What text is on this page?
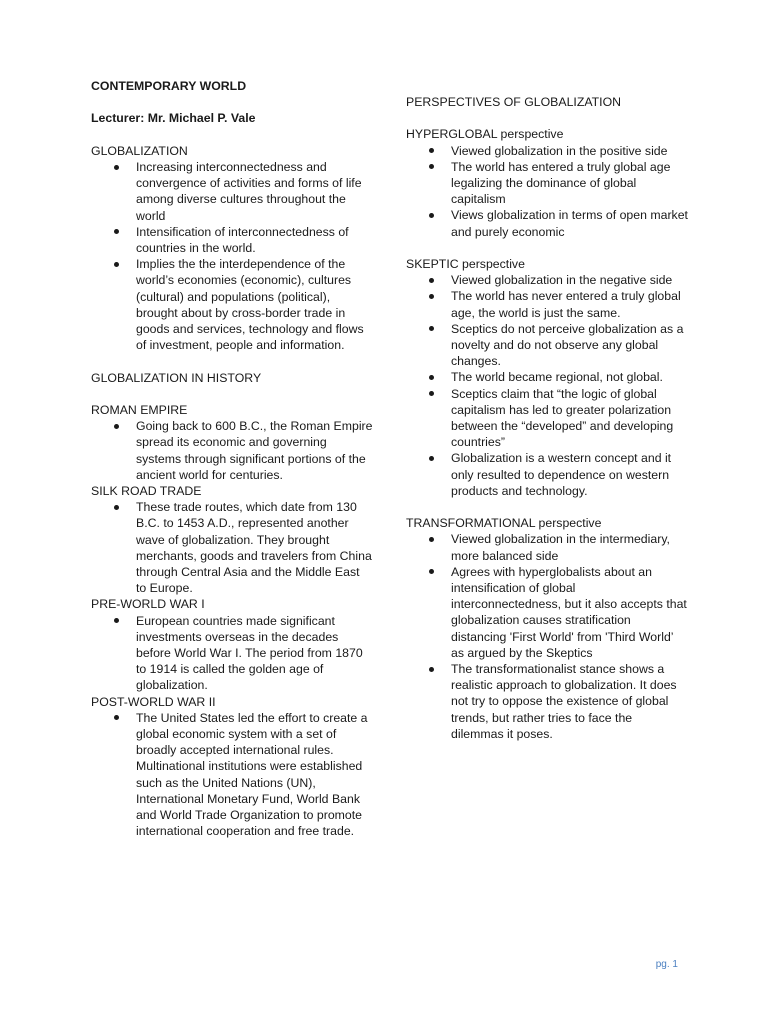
CONTEMPORARY WORLD

Lecturer: Mr. Michael P. Vale

GLOBALIZATION

Increasing interconnectedness and convergence of activities and forms of life among diverse cultures throughout the world
Intensification of interconnectedness of countries in the world.
Implies the the interdependence of the world’s economies (economic), cultures (cultural) and populations (political), brought about by cross-border trade in goods and services, technology and flows of investment, people and information.

GLOBALIZATION IN HISTORY

ROMAN EMPIRE

Going back to 600 B.C., the Roman Empire spread its economic and governing systems through significant portions of the ancient world for centuries.

SILK ROAD TRADE

These trade routes, which date from 130 B.C. to 1453 A.D., represented another wave of globalization. They brought merchants, goods and travelers from China through Central Asia and the Middle East to Europe.

PRE-WORLD WAR I

European countries made significant investments overseas in the decades before World War I. The period from 1870 to 1914 is called the golden age of globalization.

POST-WORLD WAR II

The United States led the effort to create a global economic system with a set of broadly accepted international rules. Multinational institutions were established such as the United Nations (UN), International Monetary Fund, World Bank and World Trade Organization to promote international cooperation and free trade.

PERSPECTIVES OF GLOBALIZATION

HYPERGLOBAL perspective

Viewed globalization in the positive side
The world has entered a truly global age legalizing the dominance of global capitalism
Views globalization in terms of open market and purely economic

SKEPTIC perspective

Viewed globalization in the negative side
The world has never entered a truly global age, the world is just the same.
Sceptics do not perceive globalization as a novelty and do not observe any global changes.
The world became regional, not global.
Sceptics claim that “the logic of global capitalism has led to greater polarization between the “developed” and developing countries”
Globalization is a western concept and it only resulted to dependence on western products and technology.

TRANSFORMATIONAL perspective

Viewed globalization in the intermediary, more balanced side
Agrees with hyperglobalists about an intensification of global interconnectedness, but it also accepts that globalization causes stratification distancing 'First World' from 'Third World’ as argued by the Skeptics
The transformationalist stance shows a realistic approach to globalization. It does not try to oppose the existence of global trends, but rather tries to face the dilemmas it poses.
pg. 1
